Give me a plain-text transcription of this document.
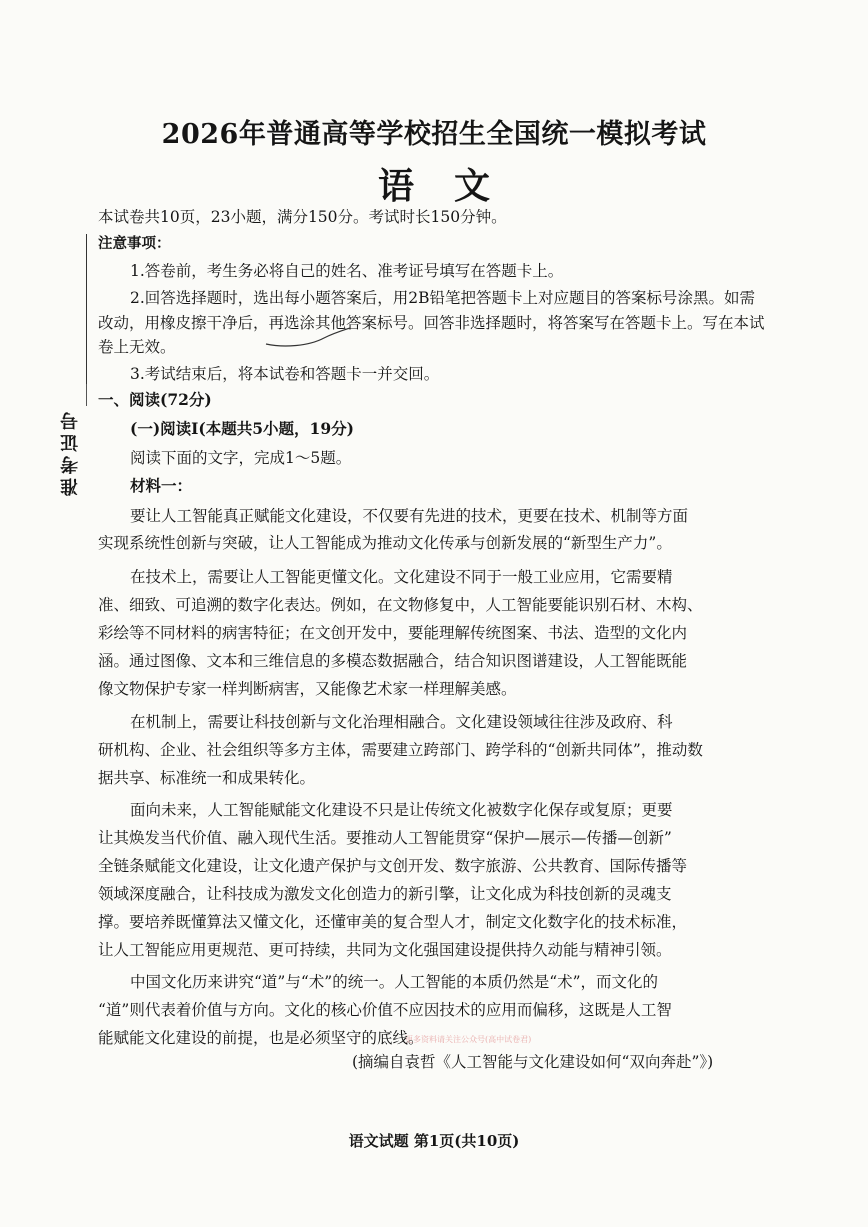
2026年普通高等学校招生全国统一模拟考试
语文
本试卷共10页，23小题，满分150分。考试时长150分钟。
注意事项：
1.答卷前，考生务必将自己的姓名、准考证号填写在答题卡上。
2.回答选择题时，选出每小题答案后，用2B铅笔把答题卡上对应题目的答案标号涂黑。如需
改动，用橡皮擦干净后，再选涂其他答案标号。回答非选择题时，将答案写在答题卡上。写在本试
卷上无效。
3.考试结束后，将本试卷和答题卡一并交回。
准考证号
一、阅读(72分)
(一)阅读Ⅰ(本题共5小题，19分)
阅读下面的文字，完成1～5题。
材料一：
要让人工智能真正赋能文化建设，不仅要有先进的技术，更要在技术、机制等方面
实现系统性创新与突破，让人工智能成为推动文化传承与创新发展的“新型生产力”。
在技术上，需要让人工智能更懂文化。文化建设不同于一般工业应用，它需要精
准、细致、可追溯的数字化表达。例如，在文物修复中，人工智能要能识别石材、木构、
彩绘等不同材料的病害特征；在文创开发中，要能理解传统图案、书法、造型的文化内
涵。通过图像、文本和三维信息的多模态数据融合，结合知识图谱建设，人工智能既能
像文物保护专家一样判断病害，又能像艺术家一样理解美感。
在机制上，需要让科技创新与文化治理相融合。文化建设领域往往涉及政府、科
研机构、企业、社会组织等多方主体，需要建立跨部门、跨学科的“创新共同体”，推动数
据共享、标准统一和成果转化。
面向未来，人工智能赋能文化建设不只是让传统文化被数字化保存或复原；更要
让其焕发当代价值、融入现代生活。要推动人工智能贯穿“保护—展示—传播—创新”
全链条赋能文化建设，让文化遗产保护与文创开发、数字旅游、公共教育、国际传播等
领域深度融合，让科技成为激发文化创造力的新引擎，让文化成为科技创新的灵魂支
撑。要培养既懂算法又懂文化，还懂审美的复合型人才，制定文化数字化的技术标准，
让人工智能应用更规范、更可持续，共同为文化强国建设提供持久动能与精神引领。
中国文化历来讲究“道”与“术”的统一。人工智能的本质仍然是“术”，而文化的
“道”则代表着价值与方向。文化的核心价值不应因技术的应用而偏移，这既是人工智
能赋能文化建设的前提，也是必须坚守的底线。
更多资料请关注公众号(高中试卷君)
(摘编自袁哲《人工智能与文化建设如何“双向奔赴”》)
语文试题 第1页(共10页)
